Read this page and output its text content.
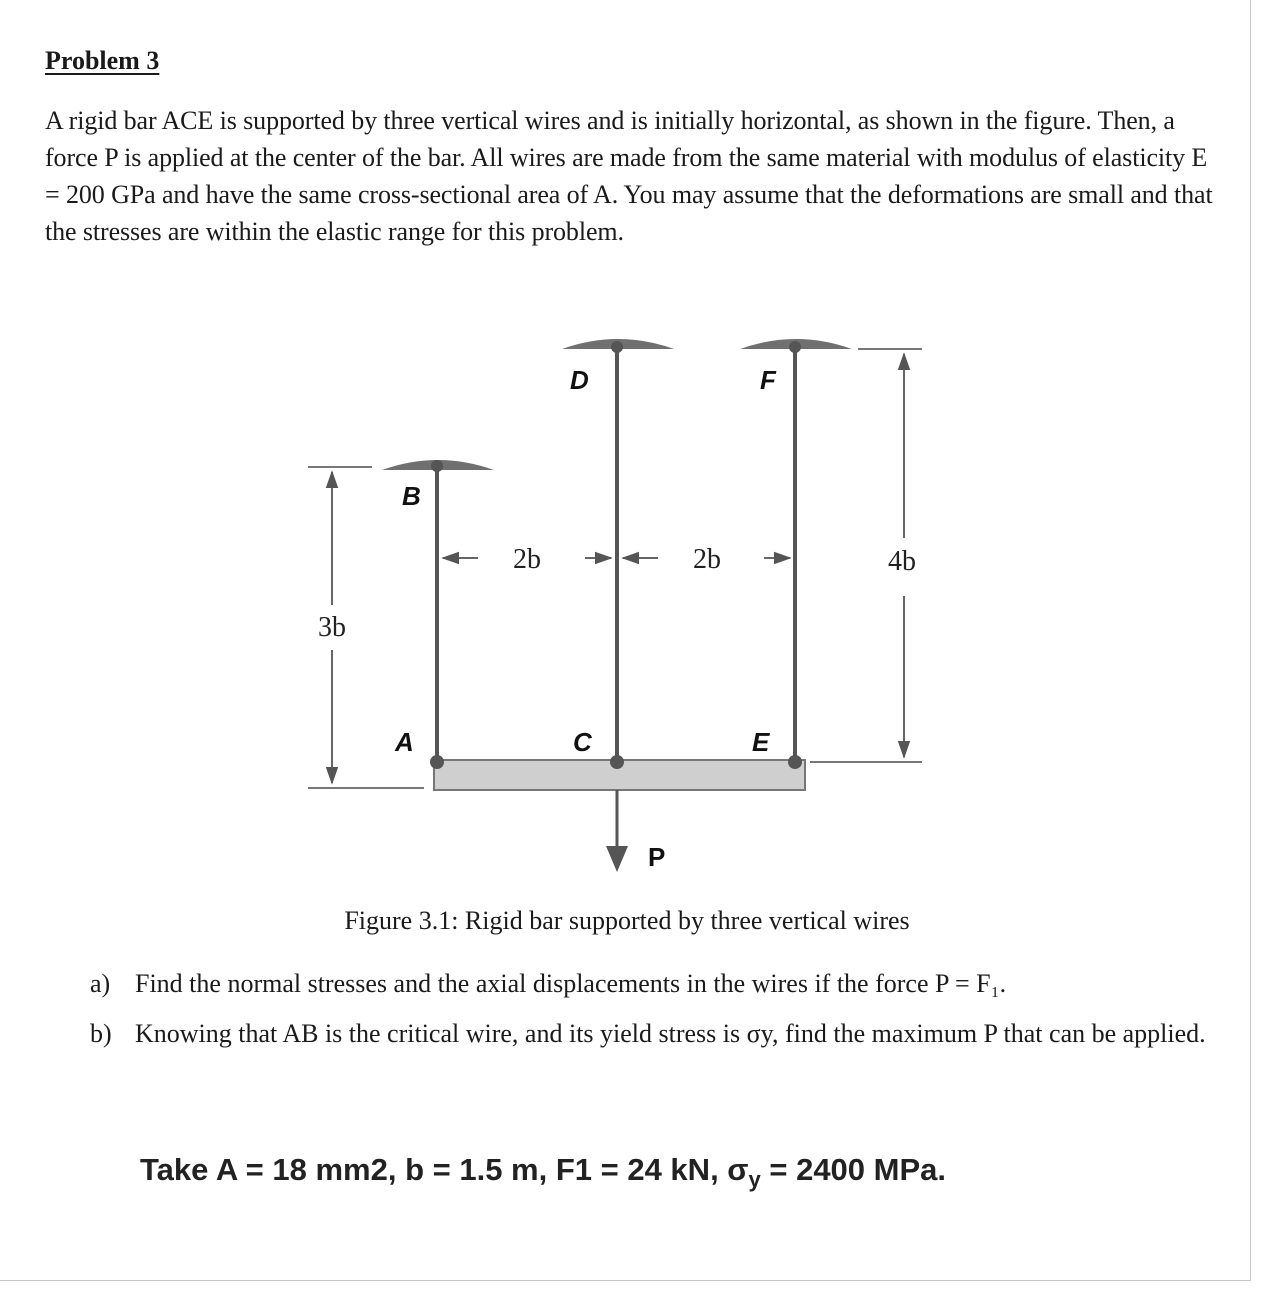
Problem 3

A rigid bar ACE is supported by three vertical wires and is initially horizontal, as shown in the figure. Then, a force P is applied at the center of the bar. All wires are made from the same material with modulus of elasticity E = 200 GPa and have the same cross-sectional area of A. You may assume that the deformations are small and that the stresses are within the elastic range for this problem.

B
D	F
A	C	E
P
2b	2b
3b
4b
Figure 3.1: Rigid bar supported by three vertical wires
a) Find the normal stresses and the axial displacements in the wires if the force P = F₁.
b) Knowing that AB is the critical wire, and its yield stress is σy, find the maximum P that can be applied.
Take A = 18 mm2, b = 1.5 m, F1 = 24 kN, $\sigma_y = 2400$ MPa.
